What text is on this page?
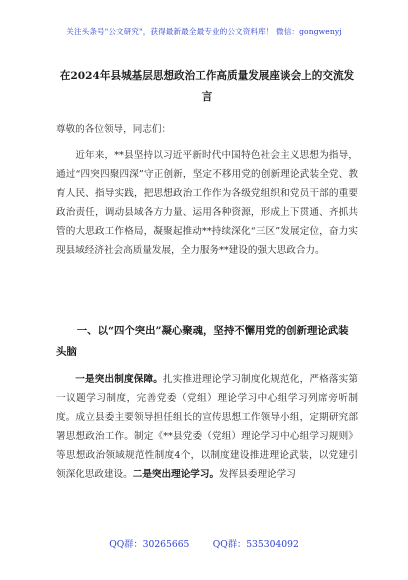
关注头条号"公文研究"，获得最新最全最专业的公文资料库！ 微信：gongwenyj
在2024年县城基层思想政治工作高质量发展座谈会上的交流发言
尊敬的各位领导，同志们：

近年来，**县坚持以习近平新时代中国特色社会主义思想为指导，通过“四突四聚四深”守正创新，坚定不移用党的创新理论武装全党、教育人民、指导实践，把思想政治工作作为各级党组织和党员干部的重要政治责任，调动县域各方力量、运用各种资源，形成上下贯通、齐抓共管的大思政工作格局，凝聚起推动**持续深化“三区”发展定位，奋力实现县域经济社会高质量发展，全力服务**建设的强大思政合力。

一、以“四个突出”凝心聚魂，坚持不懈用党的创新理论武装头脑

一是突出制度保障。扎实推进理论学习制度化规范化，严格落实第一议题学习制度，完善党委（党组）理论学习中心组学习列席旁听制度。成立县委主要领导担任组长的宣传思想工作领导小组，定期研究部署思想政治工作。制定《**县党委（党组）理论学习中心组学习规则》等思想政治领域规范性制度4个，以制度建设推进理论武装，以党建引领深化思政建设。二是突出理论学习。发挥县委理论学习

QQ群：30265665        QQ群：535304092
